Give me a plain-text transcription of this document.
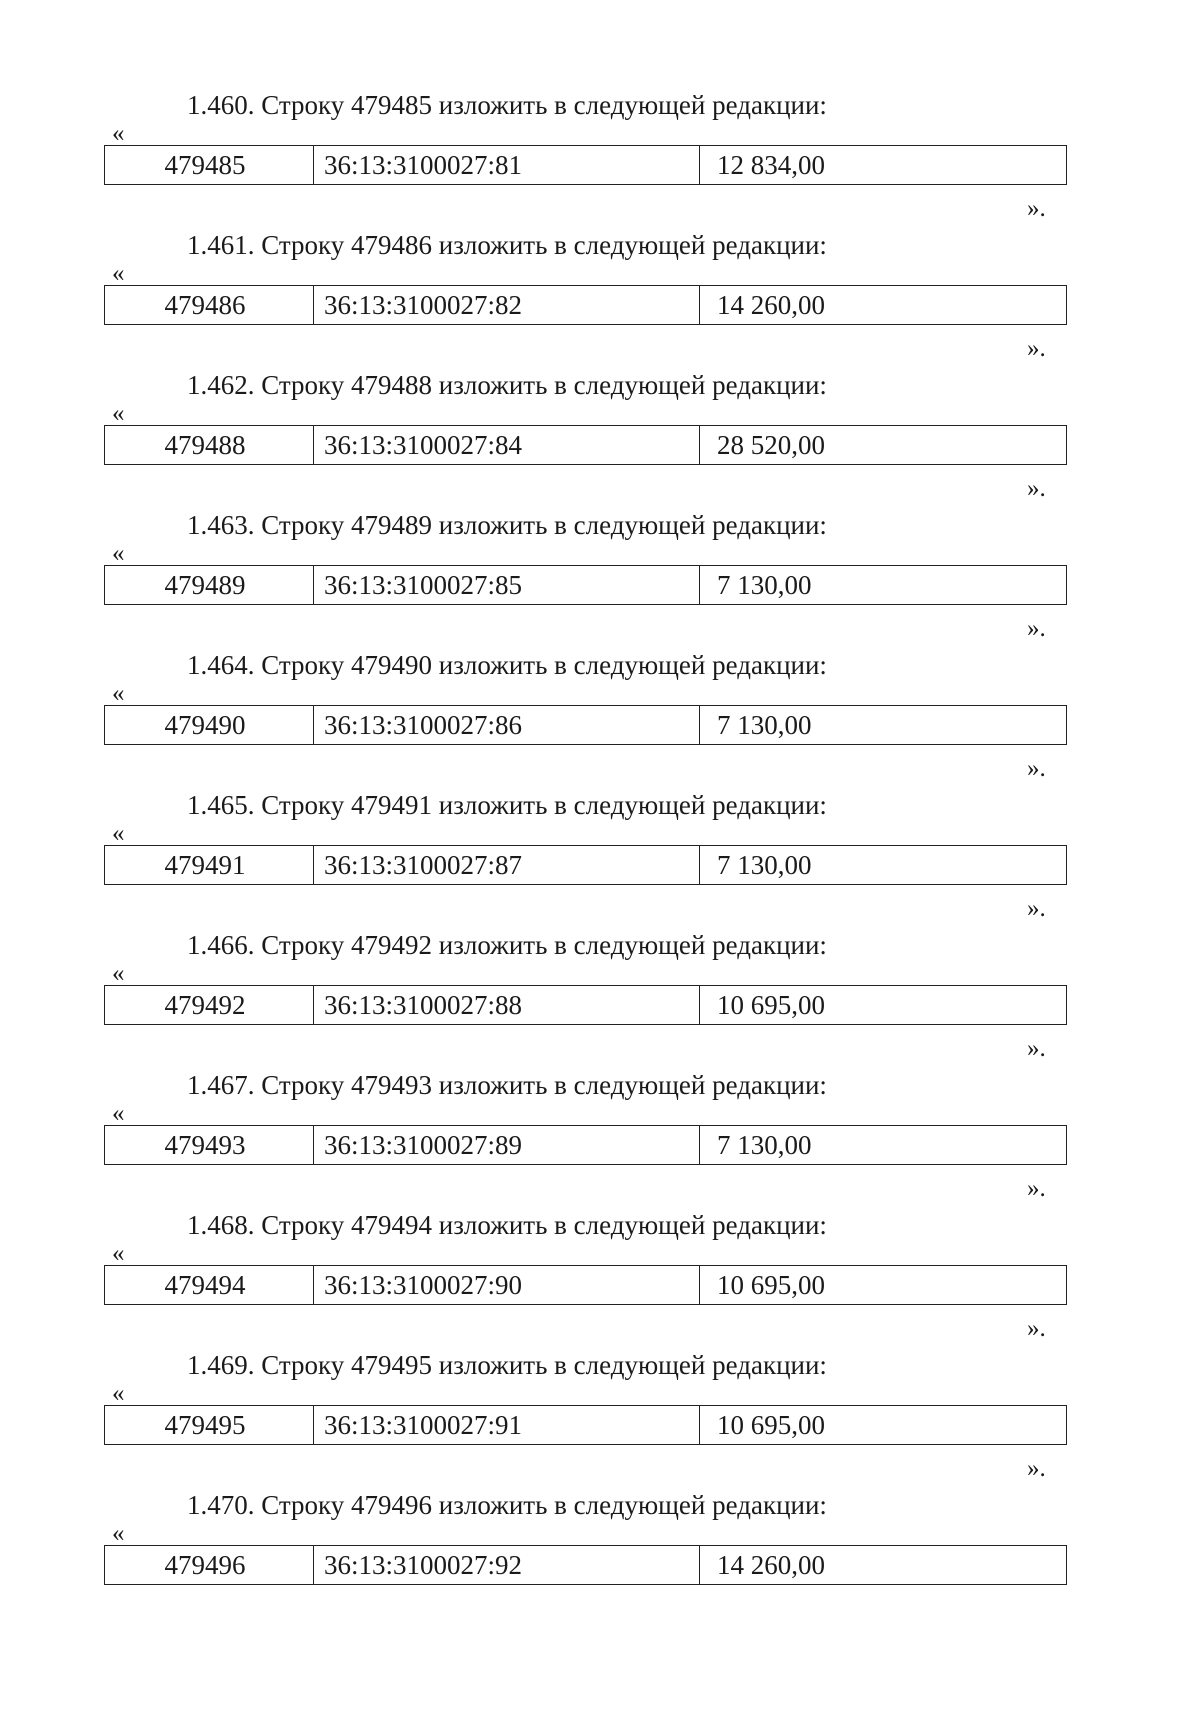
1.460. Строку 479485 изложить в следующей редакции:
«
479485	36:13:3100027:81	12 834,00
».
1.461. Строку 479486 изложить в следующей редакции:
«
479486	36:13:3100027:82	14 260,00
».
1.462. Строку 479488 изложить в следующей редакции:
«
479488	36:13:3100027:84	28 520,00
».
1.463. Строку 479489 изложить в следующей редакции:
«
479489	36:13:3100027:85	7 130,00
».
1.464. Строку 479490 изложить в следующей редакции:
«
479490	36:13:3100027:86	7 130,00
».
1.465. Строку 479491 изложить в следующей редакции:
«
479491	36:13:3100027:87	7 130,00
».
1.466. Строку 479492 изложить в следующей редакции:
«
479492	36:13:3100027:88	10 695,00
».
1.467. Строку 479493 изложить в следующей редакции:
«
479493	36:13:3100027:89	7 130,00
».
1.468. Строку 479494 изложить в следующей редакции:
«
479494	36:13:3100027:90	10 695,00
».
1.469. Строку 479495 изложить в следующей редакции:
«
479495	36:13:3100027:91	10 695,00
».
1.470. Строку 479496 изложить в следующей редакции:
«
479496	36:13:3100027:92	14 260,00
